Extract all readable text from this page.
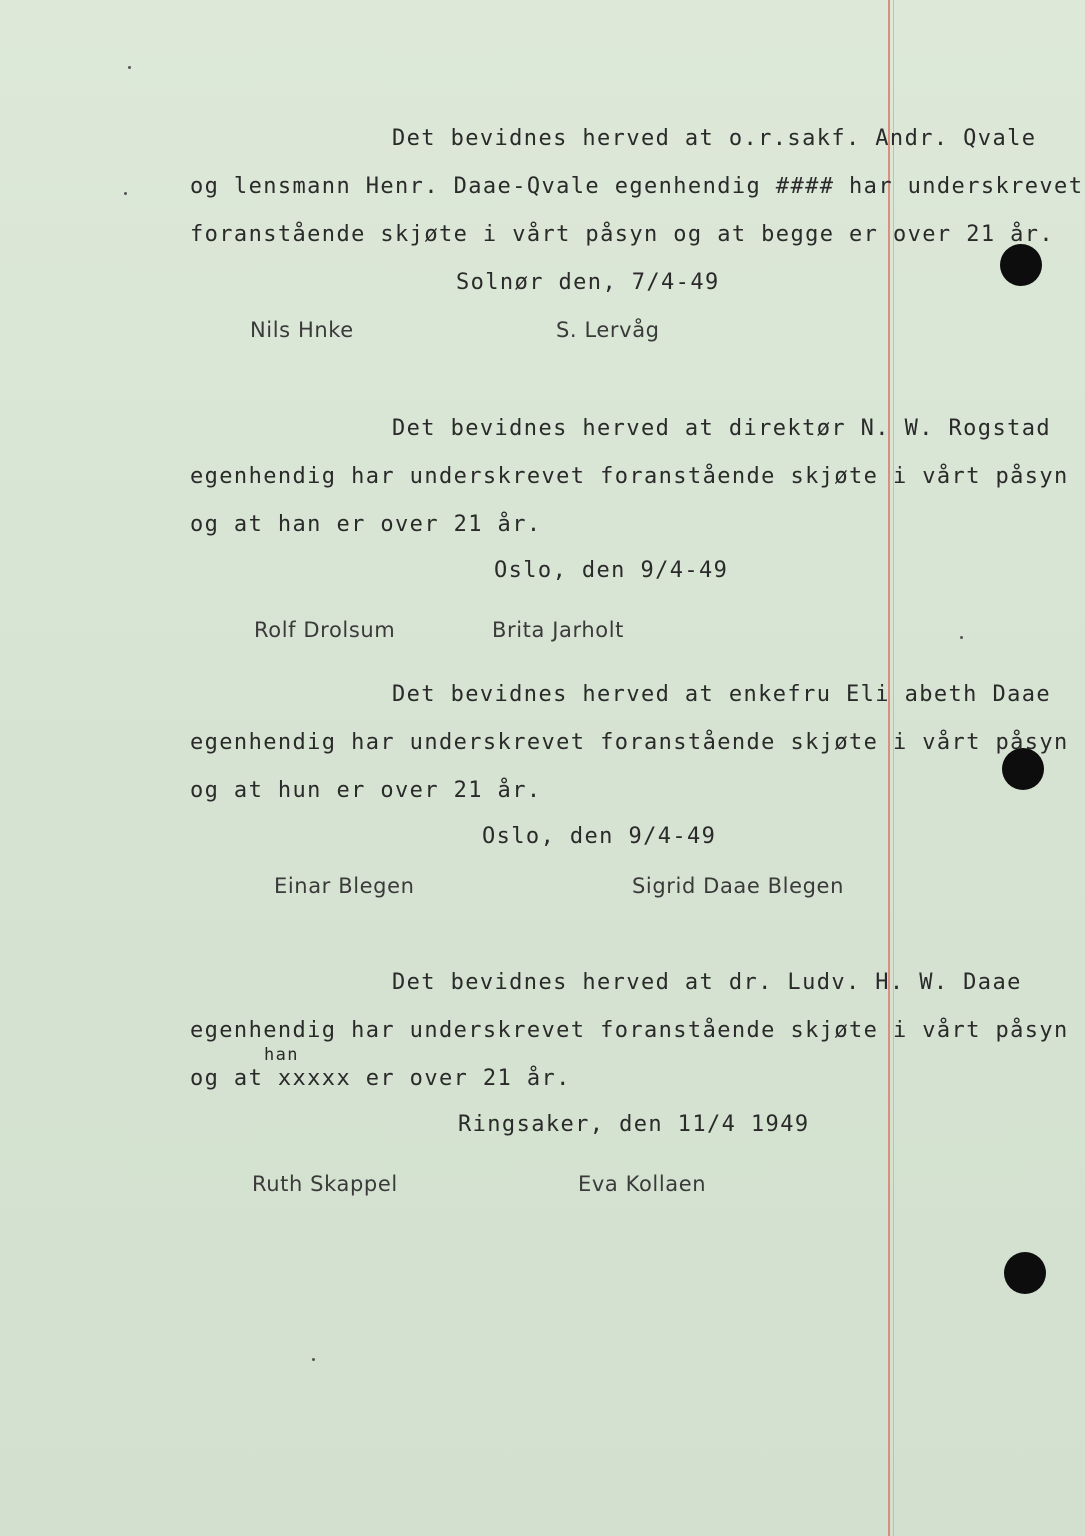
Det bevidnes herved at o.r.sakf. Andr. Qvale
og lensmann Henr. Daae-Qvale egenhendig #### har underskrevet
foranstående skjøte i vårt påsyn og at begge er over 21 år.
Solnør den, 7/4-49
Nils Hnke	S. Lervåg
Det bevidnes herved at direktør N. W. Rogstad
egenhendig har underskrevet foranstående skjøte i vårt påsyn
og at han er over 21 år.
Oslo, den 9/4-49
Rolf Drolsum	Brita Jarholt
Det bevidnes herved at enkefru Eli abeth Daae
egenhendig har underskrevet foranstående skjøte i vårt påsyn
og at hun er over 21 år.
Oslo, den 9/4-49
Einar Blegen	Sigrid Daae Blegen
Det bevidnes herved at dr. Ludv. H. W. Daae
egenhendig har underskrevet foranstående skjøte i vårt påsyn
han
og at xxxxx er over 21 år.
Ringsaker, den 11/4 1949
Ruth Skappel	Eva Kollaen
